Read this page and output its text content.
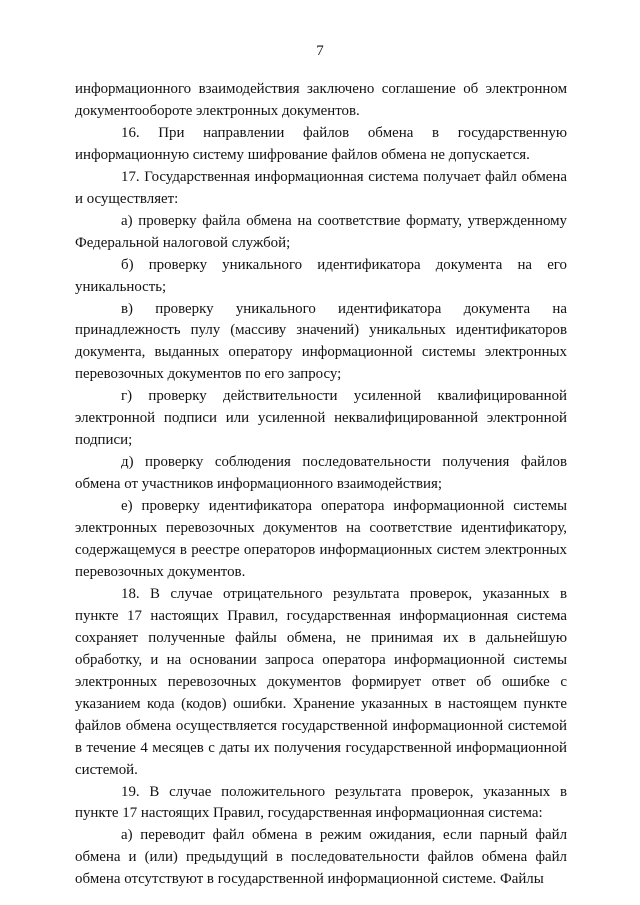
7

информационного взаимодействия заключено соглашение об электронном документообороте электронных документов.

16. При направлении файлов обмена в государственную информационную систему шифрование файлов обмена не допускается.

17. Государственная информационная система получает файл обмена и осуществляет:

а) проверку файла обмена на соответствие формату, утвержденному Федеральной налоговой службой;

б) проверку уникального идентификатора документа на его уникальность;

в) проверку уникального идентификатора документа на принадлежность пулу (массиву значений) уникальных идентификаторов документа, выданных оператору информационной системы электронных перевозочных документов по его запросу;

г) проверку действительности усиленной квалифицированной электронной подписи или усиленной неквалифицированной электронной подписи;

д) проверку соблюдения последовательности получения файлов обмена от участников информационного взаимодействия;

е) проверку идентификатора оператора информационной системы электронных перевозочных документов на соответствие идентификатору, содержащемуся в реестре операторов информационных систем электронных перевозочных документов.

18. В случае отрицательного результата проверок, указанных в пункте 17 настоящих Правил, государственная информационная система сохраняет полученные файлы обмена, не принимая их в дальнейшую обработку, и на основании запроса оператора информационной системы электронных перевозочных документов формирует ответ об ошибке с указанием кода (кодов) ошибки. Хранение указанных в настоящем пункте файлов обмена осуществляется государственной информационной системой в течение 4 месяцев с даты их получения государственной информационной системой.

19. В случае положительного результата проверок, указанных в пункте 17 настоящих Правил, государственная информационная система:

а) переводит файл обмена в режим ожидания, если парный файл обмена и (или) предыдущий в последовательности файлов обмена файл обмена отсутствуют в государственной информационной системе. Файлы
